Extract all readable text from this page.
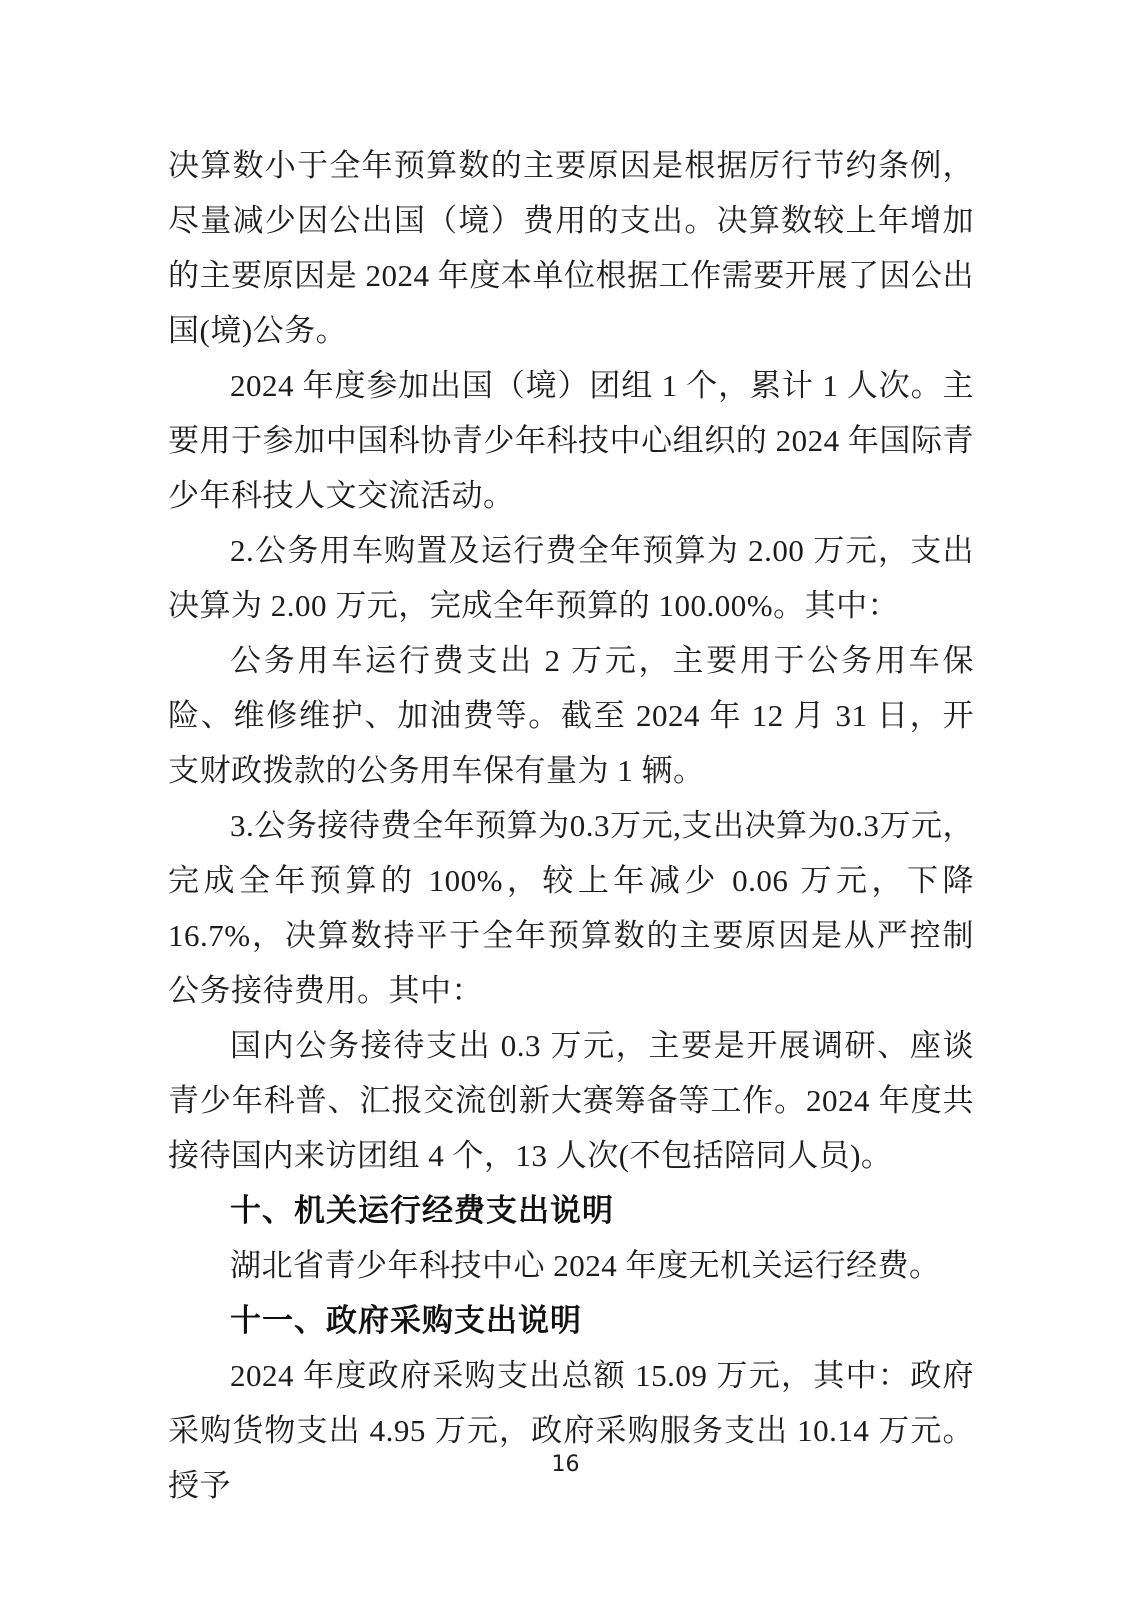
决算数小于全年预算数的主要原因是根据厉行节约条例，尽量减少因公出国（境）费用的支出。决算数较上年增加的主要原因是 2024 年度本单位根据工作需要开展了因公出国(境)公务。

2024 年度参加出国（境）团组 1 个，累计 1 人次。主要用于参加中国科协青少年科技中心组织的 2024 年国际青少年科技人文交流活动。

2.公务用车购置及运行费全年预算为 2.00 万元，支出决算为 2.00 万元，完成全年预算的 100.00%。其中：

公务用车运行费支出 2 万元，主要用于公务用车保险、维修维护、加油费等。截至 2024 年 12 月 31 日，开支财政拨款的公务用车保有量为 1 辆。

3.公务接待费全年预算为0.3万元,支出决算为0.3万元，完成全年预算的 100%，较上年减少 0.06 万元，下降 16.7%，决算数持平于全年预算数的主要原因是从严控制公务接待费用。其中：

国内公务接待支出 0.3 万元，主要是开展调研、座谈青少年科普、汇报交流创新大赛筹备等工作。2024 年度共接待国内来访团组 4 个，13 人次(不包括陪同人员)。

十、机关运行经费支出说明

湖北省青少年科技中心 2024 年度无机关运行经费。

十一、政府采购支出说明

2024 年度政府采购支出总额 15.09 万元，其中：政府采购货物支出 4.95 万元，政府采购服务支出 10.14 万元。授予

16
